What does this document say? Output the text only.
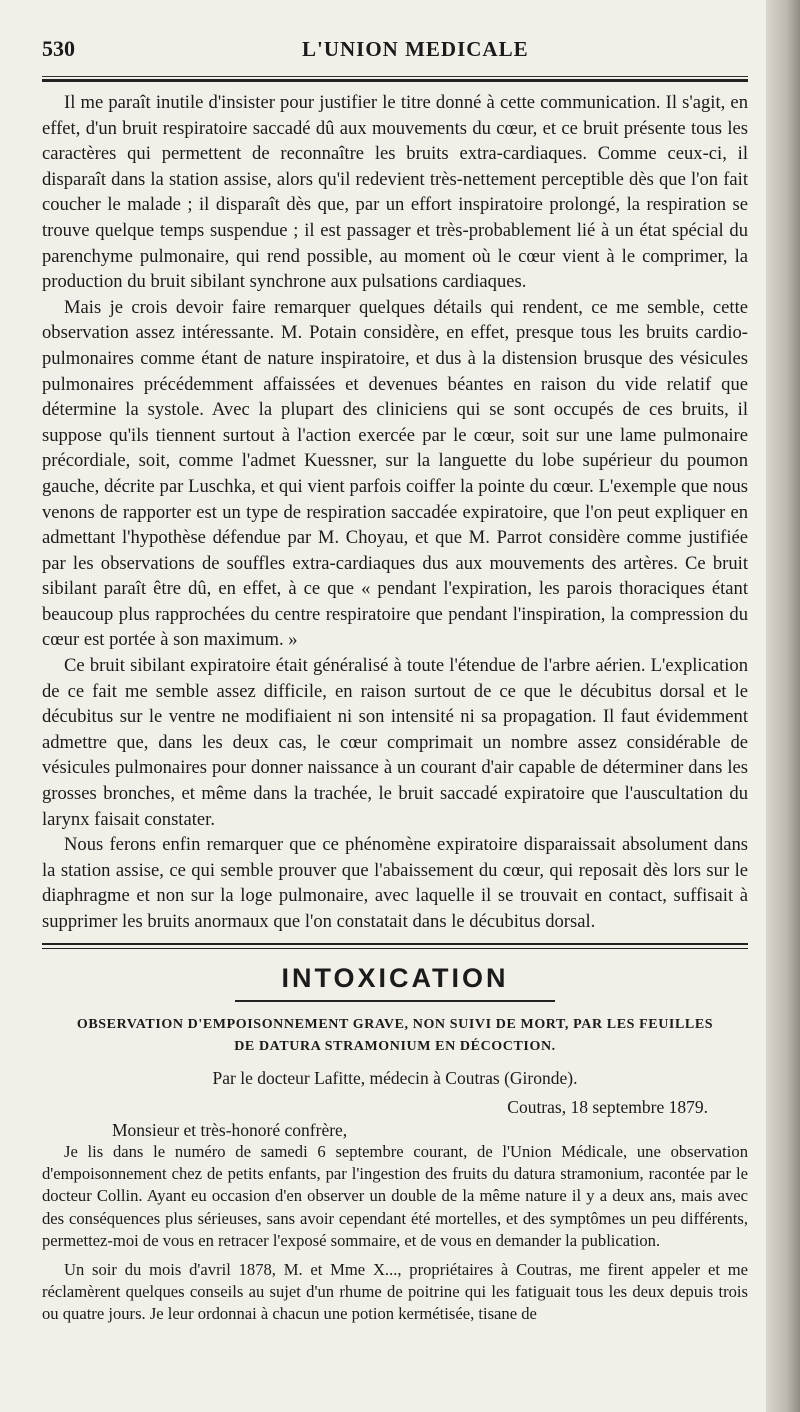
530	L'UNION MEDICALE

Il me paraît inutile d'insister pour justifier le titre donné à cette communication. Il s'agit, en effet, d'un bruit respiratoire saccadé dû aux mouvements du cœur, et ce bruit présente tous les caractères qui permettent de reconnaître les bruits extra-cardiaques. Comme ceux-ci, il disparaît dans la station assise, alors qu'il redevient très-nettement perceptible dès que l'on fait coucher le malade ; il disparaît dès que, par un effort inspiratoire prolongé, la respiration se trouve quelque temps suspendue ; il est passager et très-probablement lié à un état spécial du parenchyme pulmonaire, qui rend possible, au moment où le cœur vient à le comprimer, la production du bruit sibilant synchrone aux pulsations cardiaques.

Mais je crois devoir faire remarquer quelques détails qui rendent, ce me semble, cette observation assez intéressante. M. Potain considère, en effet, presque tous les bruits cardio-pulmonaires comme étant de nature inspiratoire, et dus à la distension brusque des vésicules pulmonaires précédemment affaissées et devenues béantes en raison du vide relatif que détermine la systole. Avec la plupart des cliniciens qui se sont occupés de ces bruits, il suppose qu'ils tiennent surtout à l'action exercée par le cœur, soit sur une lame pulmonaire précordiale, soit, comme l'admet Kuessner, sur la languette du lobe supérieur du poumon gauche, décrite par Luschka, et qui vient parfois coiffer la pointe du cœur. L'exemple que nous venons de rapporter est un type de respiration saccadée expiratoire, que l'on peut expliquer en admettant l'hypothèse défendue par M. Choyau, et que M. Parrot considère comme justifiée par les observations de souffles extra-cardiaques dus aux mouvements des artères. Ce bruit sibilant paraît être dû, en effet, à ce que « pendant l'expiration, les parois thoraciques étant beaucoup plus rapprochées du centre respiratoire que pendant l'inspiration, la compression du cœur est portée à son maximum. »

Ce bruit sibilant expiratoire était généralisé à toute l'étendue de l'arbre aérien. L'explication de ce fait me semble assez difficile, en raison surtout de ce que le décubitus dorsal et le décubitus sur le ventre ne modifiaient ni son intensité ni sa propagation. Il faut évidemment admettre que, dans les deux cas, le cœur comprimait un nombre assez considérable de vésicules pulmonaires pour donner naissance à un courant d'air capable de déterminer dans les grosses bronches, et même dans la trachée, le bruit saccadé expiratoire que l'auscultation du larynx faisait constater.

Nous ferons enfin remarquer que ce phénomène expiratoire disparaissait absolument dans la station assise, ce qui semble prouver que l'abaissement du cœur, qui reposait dès lors sur le diaphragme et non sur la loge pulmonaire, avec laquelle il se trouvait en contact, suffisait à supprimer les bruits anormaux que l'on constatait dans le décubitus dorsal.

INTOXICATION
OBSERVATION D'EMPOISONNEMENT GRAVE, NON SUIVI DE MORT, PAR LES FEUILLES
DE DATURA STRAMONIUM EN DÉCOCTION.
Par le docteur Lafitte, médecin à Coutras (Gironde).
Coutras, 18 septembre 1879.
Monsieur et très-honoré confrère,

Je lis dans le numéro de samedi 6 septembre courant, de l'Union Médicale, une observation d'empoisonnement chez de petits enfants, par l'ingestion des fruits du datura stramonium, racontée par le docteur Collin. Ayant eu occasion d'en observer un double de la même nature il y a deux ans, mais avec des conséquences plus sérieuses, sans avoir cependant été mortelles, et des symptômes un peu différents, permettez-moi de vous en retracer l'exposé sommaire, et de vous en demander la publication.

Un soir du mois d'avril 1878, M. et Mme X..., propriétaires à Coutras, me firent appeler et me réclamèrent quelques conseils au sujet d'un rhume de poitrine qui les fatiguait tous les deux depuis trois ou quatre jours. Je leur ordonnai à chacun une potion kermétisée, tisane de
